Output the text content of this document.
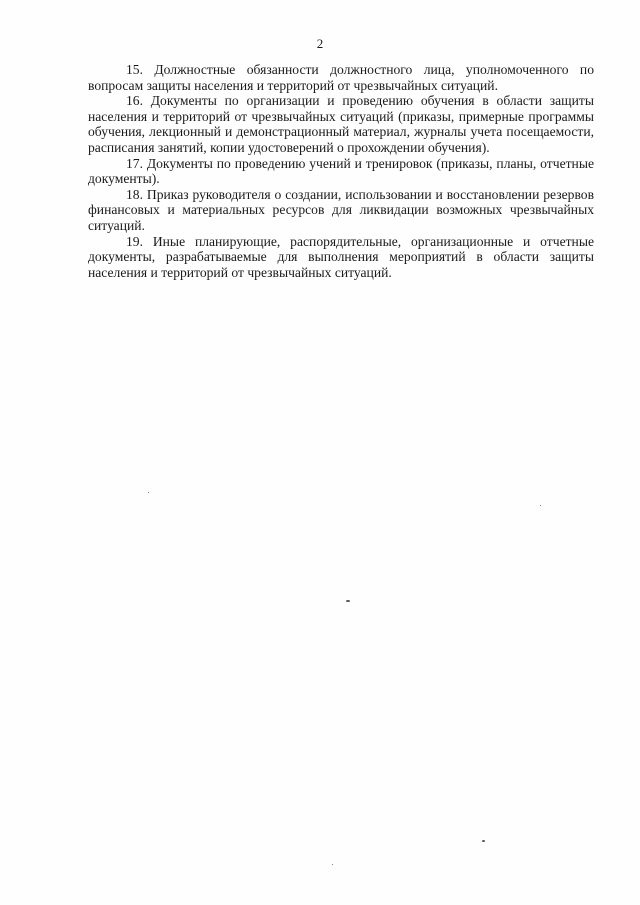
2

15. Должностные обязанности должностного лица, уполномоченного по вопросам защиты населения и территорий от чрезвычайных ситуаций.

16. Документы по организации и проведению обучения в области защиты населения и территорий от чрезвычайных ситуаций (приказы, примерные программы обучения, лекционный и демонстрационный материал, журналы учета посещаемости, расписания занятий, копии удостоверений о прохождении обучения).

17. Документы по проведению учений и тренировок (приказы, планы, отчетные документы).

18. Приказ руководителя о создании, использовании и восстановлении резервов финансовых и материальных ресурсов для ликвидации возможных чрезвычайных ситуаций.

19. Иные планирующие, распорядительные, организационные и отчетные документы, разрабатываемые для выполнения мероприятий в области защиты населения и территорий от чрезвычайных ситуаций.
